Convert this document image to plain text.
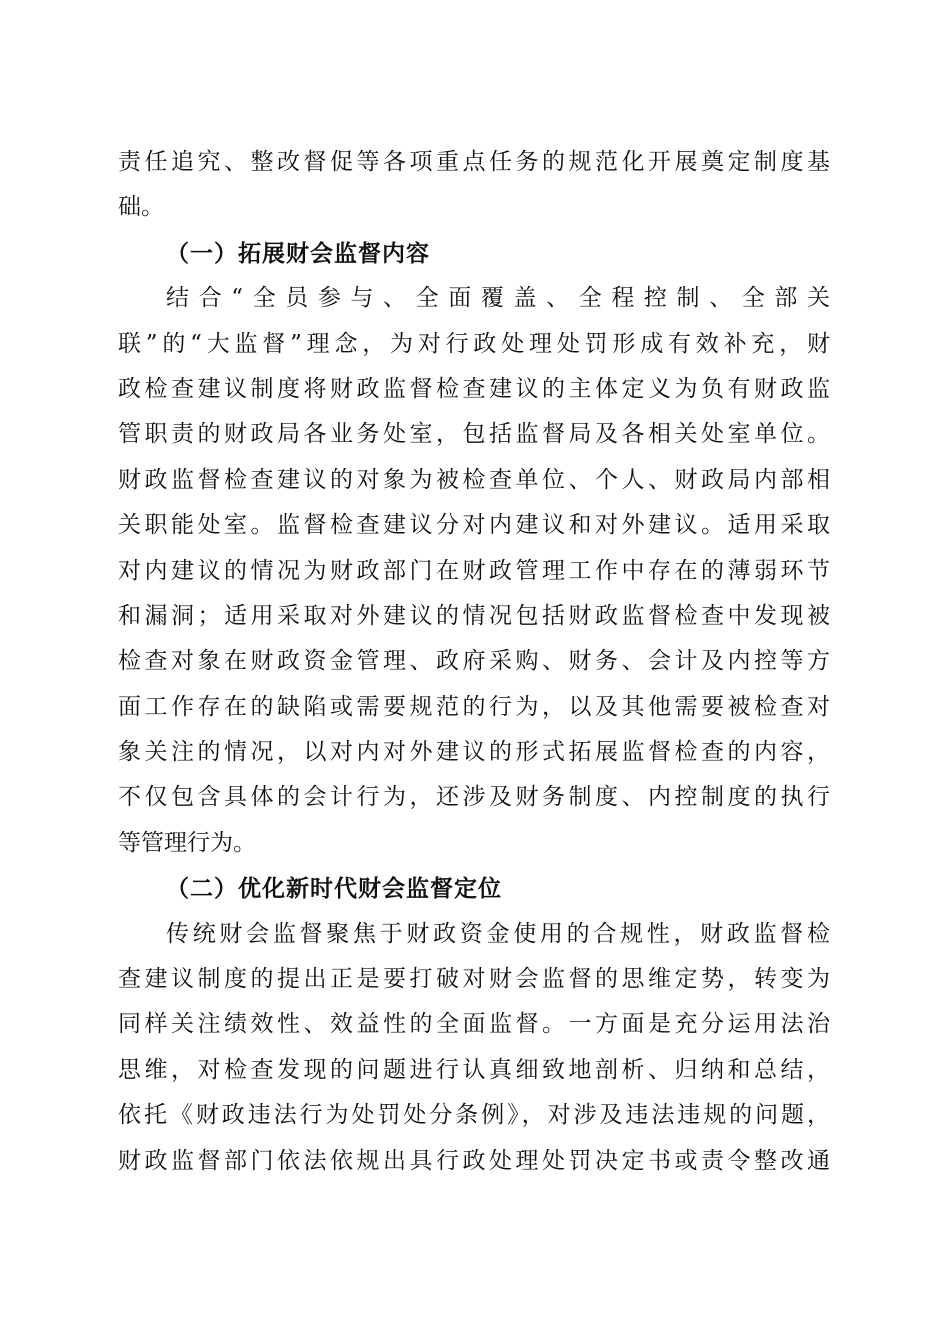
责任追究、整改督促等各项重点任务的规范化开展奠定制度基
础。
（一）拓展财会监督内容
结合“全员参与、全面覆盖、全程控制、全部关
联”的“大监督”理念，为对行政处理处罚形成有效补充，财
政检查建议制度将财政监督检查建议的主体定义为负有财政监
管职责的财政局各业务处室，包括监督局及各相关处室单位。
财政监督检查建议的对象为被检查单位、个人、财政局内部相
关职能处室。监督检查建议分对内建议和对外建议。适用采取
对内建议的情况为财政部门在财政管理工作中存在的薄弱环节
和漏洞；适用采取对外建议的情况包括财政监督检查中发现被
检查对象在财政资金管理、政府采购、财务、会计及内控等方
面工作存在的缺陷或需要规范的行为，以及其他需要被检查对
象关注的情况，以对内对外建议的形式拓展监督检查的内容，
不仅包含具体的会计行为，还涉及财务制度、内控制度的执行
等管理行为。
（二）优化新时代财会监督定位
传统财会监督聚焦于财政资金使用的合规性，财政监督检
查建议制度的提出正是要打破对财会监督的思维定势，转变为
同样关注绩效性、效益性的全面监督。一方面是充分运用法治
思维，对检查发现的问题进行认真细致地剖析、归纳和总结，
依托《财政违法行为处罚处分条例》，对涉及违法违规的问题，
财政监督部门依法依规出具行政处理处罚决定书或责令整改通
